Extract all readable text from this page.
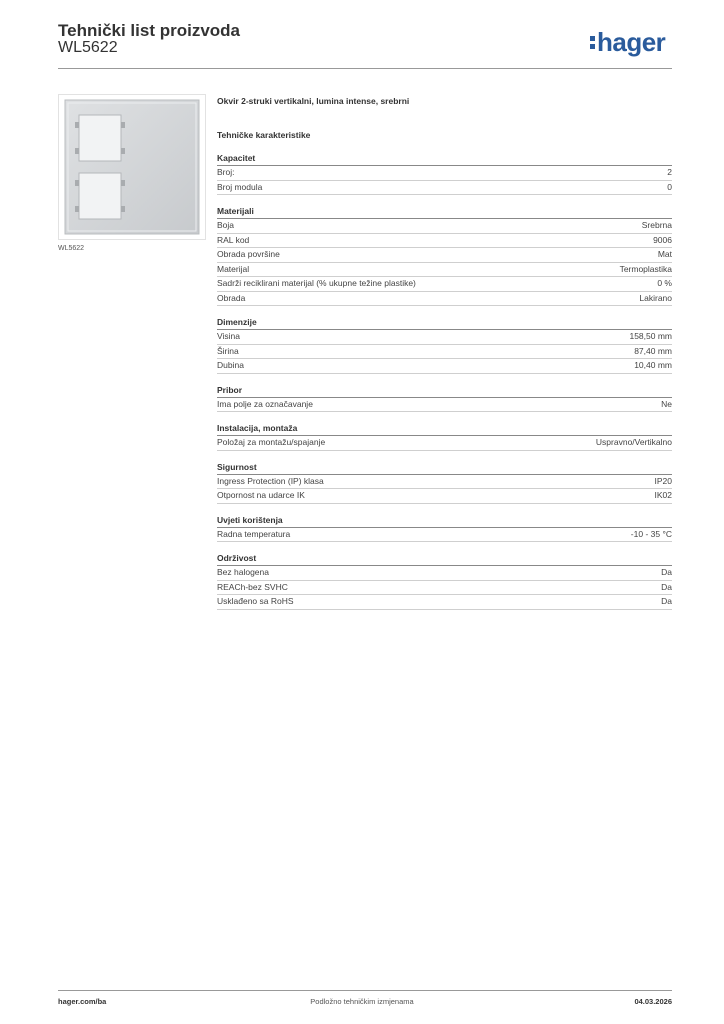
Tehnički list proizvoda
WL5622	hager
WL5622
Okvir 2-struki vertikalni, lumina intense, srebrni
Tehničke karakteristike
Kapacitet
Broj:	2
Broj modula	0
Materijali
Boja	Srebrna
RAL kod	9006
Obrada površine	Mat
Materijal	Termoplastika
Sadrži reciklirani materijal (% ukupne težine plastike)	0 %
Obrada	Lakirano
Dimenzije
Visina	158,50 mm
Širina	87,40 mm
Dubina	10,40 mm
Pribor
Ima polje za označavanje	Ne
Instalacija, montaža
Položaj za montažu/spajanje	Uspravno/Vertikalno
Sigurnost
Ingress Protection (IP) klasa	IP20
Otpornost na udarce IK	IK02
Uvjeti korištenja
Radna temperatura	-10 - 35 °C
Održivost
Bez halogena	Da
REACh-bez SVHC	Da
Usklađeno sa RoHS	Da
hager.com/ba	Podložno tehničkim izmjenama	04.03.2026
